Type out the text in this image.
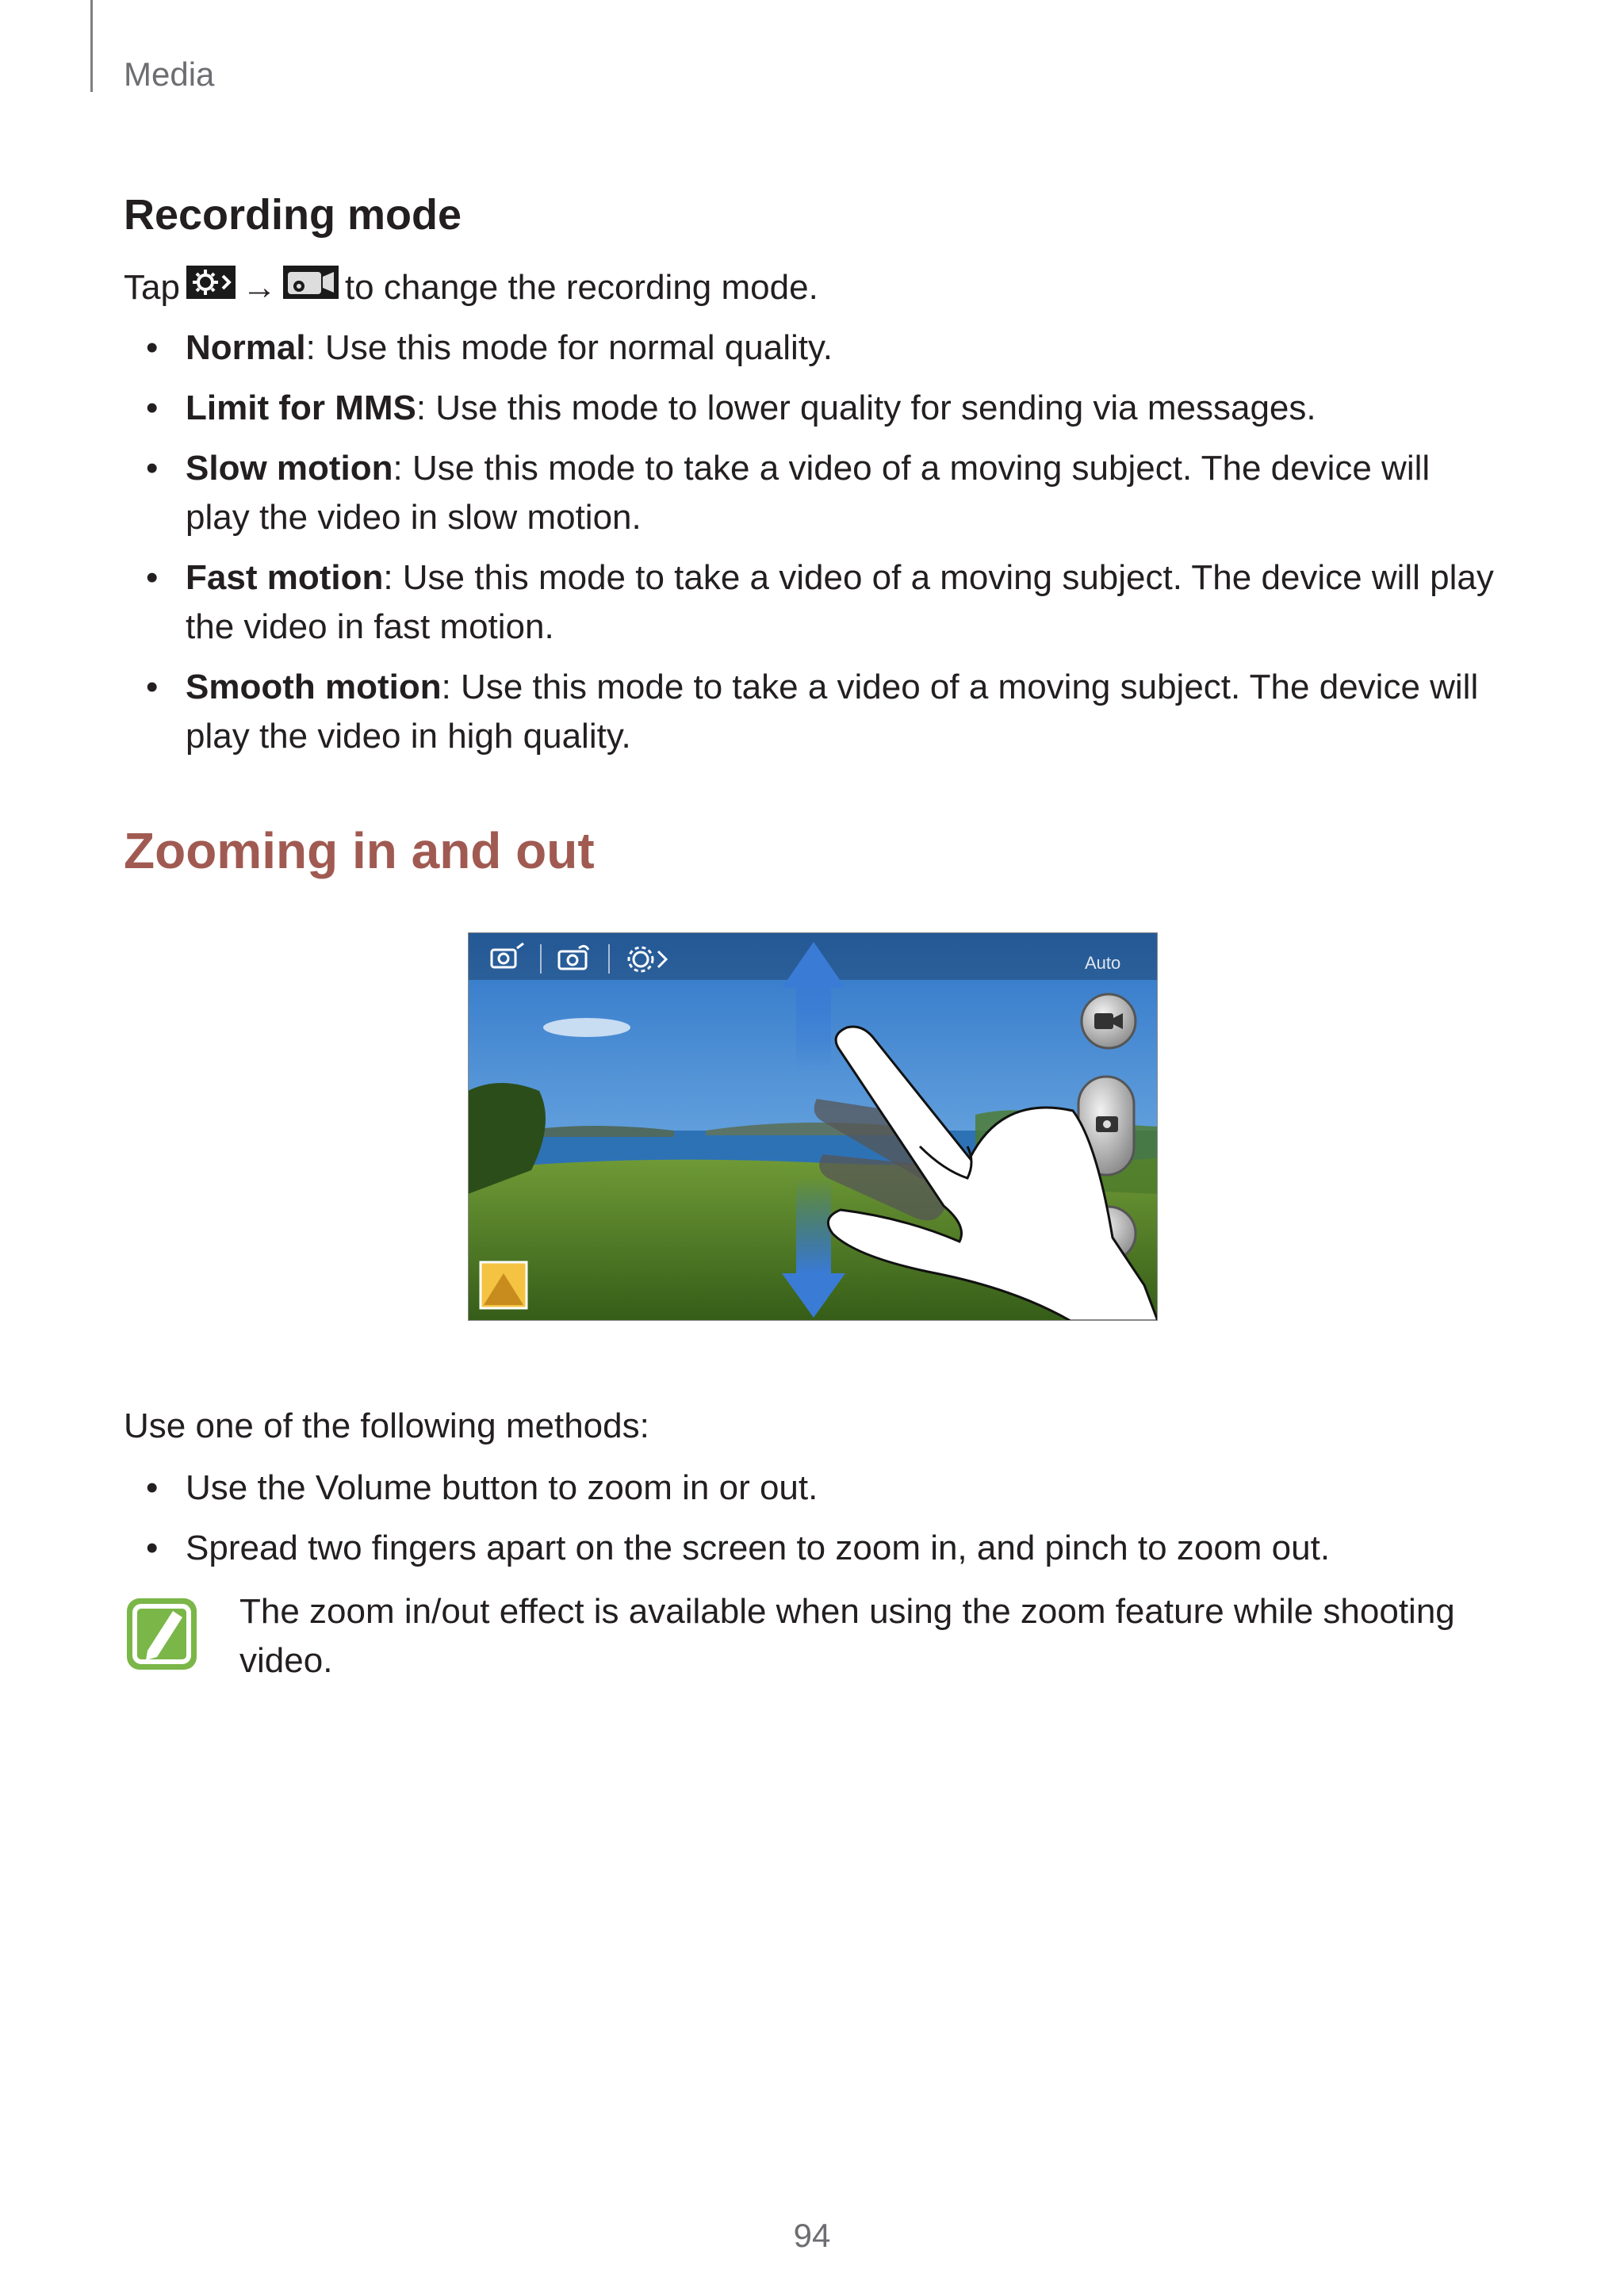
Media
Recording mode
Tap → to change the recording mode.
• Normal: Use this mode for normal quality.
• Limit for MMS: Use this mode to lower quality for sending via messages.
• Slow motion: Use this mode to take a video of a moving subject. The device will play the video in slow motion.
• Fast motion: Use this mode to take a video of a moving subject. The device will play the video in fast motion.
• Smooth motion: Use this mode to take a video of a moving subject. The device will play the video in high quality.
Zooming in and out
Auto
Use one of the following methods:
• Use the Volume button to zoom in or out.
• Spread two fingers apart on the screen to zoom in, and pinch to zoom out.
The zoom in/out effect is available when using the zoom feature while shooting video.
94
